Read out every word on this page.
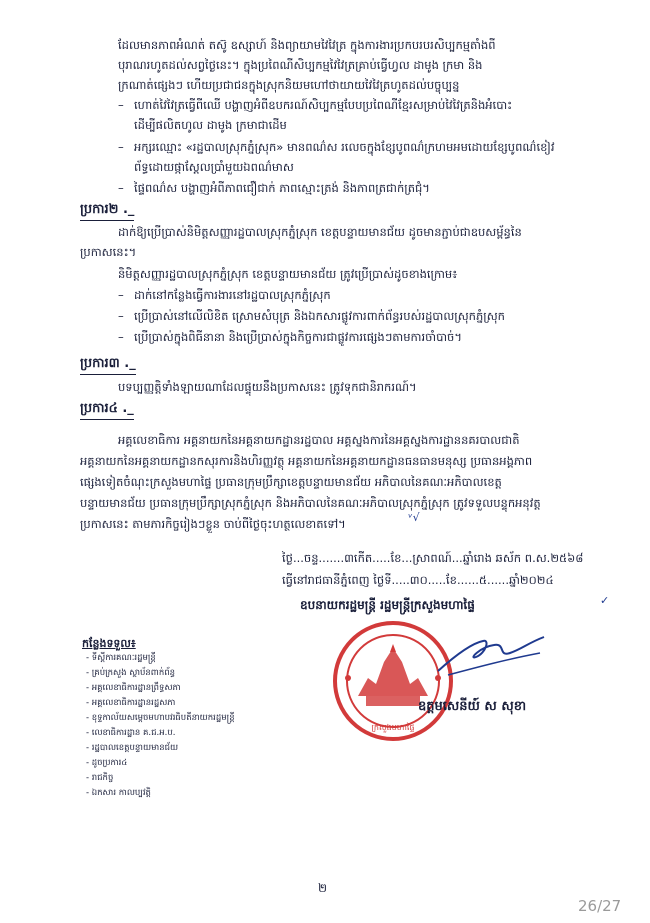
ដែលមានភាពអំណត់ តស៊ូ ឧស្សាហ៍ និងព្យាយាមវៃវៃត្រ ក្នុងការងារប្រកបរបរសិប្បកម្មតាំងពី
បុរាណរហូតដល់សព្វថ្ងៃនេះ។ ក្នុងប្រពៃណីសិប្បកម្មវៃវៃត្រគ្រាប់ធ្វើហ្វល ដាមូង ក្រមា និង
ក្រណាត់ផ្សេងៗ ហើយប្រជាជនក្នុងស្រុកនិយមហៅថាយាយវៃវៃត្រហូតដល់បច្ចុប្បន្ន
– ហោត់វៃវៃត្រធ្វើពីឈើ បង្ហាញអំពីឧបករណ៍សិប្បកម្មបែបប្រពៃណីខ្មែរសម្រាប់វៃវៃត្រនិងអំបោះ
ដើម្បីផលិតហូល ដាមូង ក្រមាជាដើម
– អក្សរឈ្មោះ «រដ្ឋបាលស្រុកភ្នំស្រុក» មានពណ៌ស រលេចក្នុងខ្សែបូពណ៌ក្រហមអមដោយខ្សែបូពណ៌ខៀវ
ព័ទ្ធដោយផ្កាស្ដែលប្រាំមួយឯពណ៌មាស
– ផ្ទៃពណ៌ស បង្ហាញអំពីភាពជឿជាក់ ភាពស្មោះត្រង់ និងភាពត្រជាក់ត្រជុំ។
ប្រការ២ ._
ដាក់ឱ្យប្រើប្រាស់និមិត្តសញ្ញារដ្ឋបាលស្រុកភ្នំស្រុក ខេត្តបន្ទាយមានជ័យ ដូចមានភ្ជាប់ជាឧបសម្ព័ន្ធនៃ
ប្រកាសនេះ។
និមិត្តសញ្ញារដ្ឋបាលស្រុកភ្នំស្រុក ខេត្តបន្ទាយមានជ័យ ត្រូវប្រើប្រាស់ដូចខាងក្រោម៖
– ដាក់នៅកន្លែងធ្វើការងារនៅរដ្ឋបាលស្រុកភ្នំស្រុក
– ប្រើប្រាស់នៅលើលិខិត ស្រោមសំបុត្រ និងឯកសារផ្លូវការពាក់ព័ន្ធរបស់រដ្ឋបាលស្រុកភ្នំស្រុក
– ប្រើប្រាស់ក្នុងពិធីនានា និងប្រើប្រាស់ក្នុងកិច្ចការជាផ្លូវការផ្សេងៗតាមការចាំបាច់។
ប្រការ៣ ._
បទប្បញ្ញត្តិទាំងឡាយណាដែលផ្ទុយនឹងប្រកាសនេះ ត្រូវទុកជានិរាករណ៍។
ប្រការ៤ ._
អគ្គលេខាធិការ អគ្គនាយកនៃអគ្គនាយកដ្ឋានរដ្ឋបាល អគ្គស្នងការនៃអគ្គស្នងការដ្ឋាននគរបាលជាតិ
អគ្គនាយកនៃអគ្គនាយកដ្ឋានកសុរការនិងហិរញ្ញវត្ថុ អគ្គនាយកនៃអគ្គនាយកដ្ឋានធនធានមនុស្ស ប្រធានអង្គភាព
ផ្សេងទៀតចំណុះក្រសួងមហាផ្ទៃ ប្រធានក្រុមប្រឹក្សាខេត្តបន្ទាយមានជ័យ អភិបាលនៃគណៈអភិបាលខេត្ត
បន្ទាយមានជ័យ ប្រធានក្រុមប្រឹក្សាស្រុកភ្នំស្រុក និងអភិបាលនៃគណៈអភិបាលស្រុកភ្នំស្រុក ត្រូវទទួលបន្ទុកអនុវត្ត
ប្រកាសនេះ តាមភារកិច្ចរៀងៗខ្លួន ចាប់ពីថ្ងៃចុះហត្ថលេខាតទៅ។	ᵛ√
ថ្ងៃ...ចន្ទ.......៣កើត.....ខែ...ស្រាពណ៍...ឆ្នាំរោង ឆស័ក ព.ស.២៥៦៨
ធ្វើនៅរាជធានីភ្នំពេញ ថ្ងៃទី.....៣០.....ខែ......៥......ឆ្នាំ២០២៤
ឧបនាយករដ្ឋមន្ត្រី រដ្ឋមន្ត្រីក្រសួងមហាផ្ទៃ	✓
ក្រសួងមហាផ្ទៃ
ឧត្តមសេនីយ៍ ស សុខា
កន្លែងទទួល៖
- ទីស្ដីការគណៈរដ្ឋមន្ត្រី
- គ្រប់ក្រសួង ស្ថាប័នពាក់ព័ន្ធ
- អគ្គលេខាធិការដ្ឋានព្រឹទ្ធសភា
- អគ្គលេខាធិការដ្ឋានរដ្ឋសភា
- ខុទ្ទកាល័យសម្ដេចមហាបវរធិបតីនាយករដ្ឋមន្ត្រី
- លេខាធិការដ្ឋាន គ.ជ.អ.ប.
- រដ្ឋបាលខេត្តបន្ទាយមានជ័យ
- ដូចប្រការ៤
- រាជកិច្ច
- ឯកសារ កាលប្បវត្តិ
២
26/27
